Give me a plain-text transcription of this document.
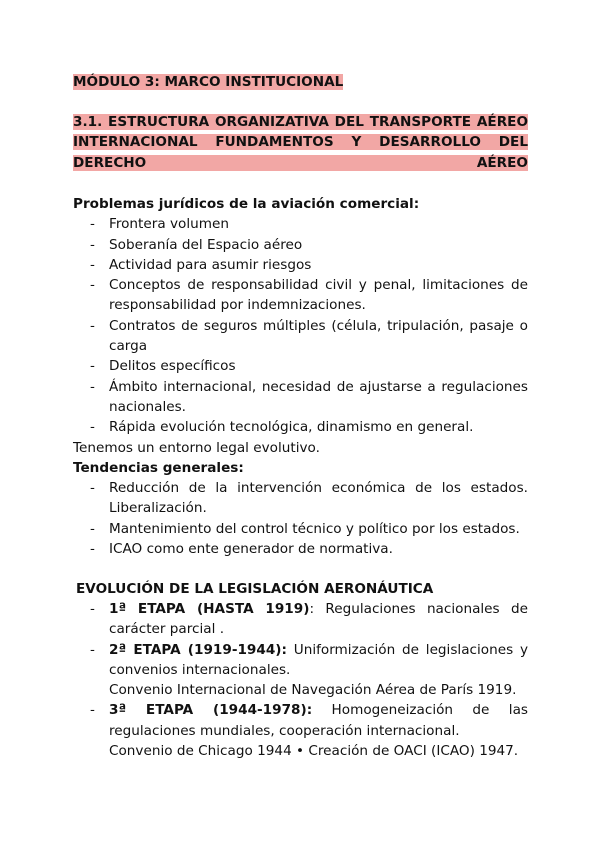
MÓDULO 3: MARCO INSTITUCIONAL
3.1. ESTRUCTURA ORGANIZATIVA DEL TRANSPORTE AÉREO INTERNACIONAL FUNDAMENTOS Y DESARROLLO DEL DERECHO AÉREO
Problemas jurídicos de la aviación comercial:
- Frontera volumen
- Soberanía del Espacio aéreo
- Actividad para asumir riesgos
- Conceptos de responsabilidad civil y penal, limitaciones de responsabilidad por indemnizaciones.
- Contratos de seguros múltiples (célula, tripulación, pasaje o carga
- Delitos específicos
- Ámbito internacional, necesidad de ajustarse a regulaciones nacionales.
- Rápida evolución tecnológica, dinamismo en general.
Tenemos un entorno legal evolutivo.
Tendencias generales:
- Reducción de la intervención económica de los estados. Liberalización.
- Mantenimiento del control técnico y político por los estados.
- ICAO como ente generador de normativa.
EVOLUCIÓN DE LA LEGISLACIÓN AERONÁUTICA
- 1ª ETAPA (HASTA 1919): Regulaciones nacionales de carácter parcial .
- 2ª ETAPA (1919-1944): Uniformización de legislaciones y convenios internacionales.
Convenio Internacional de Navegación Aérea de París 1919.
- 3ª ETAPA (1944-1978): Homogeneización de las regulaciones mundiales, cooperación internacional.
Convenio de Chicago 1944 • Creación de OACI (ICAO) 1947.
